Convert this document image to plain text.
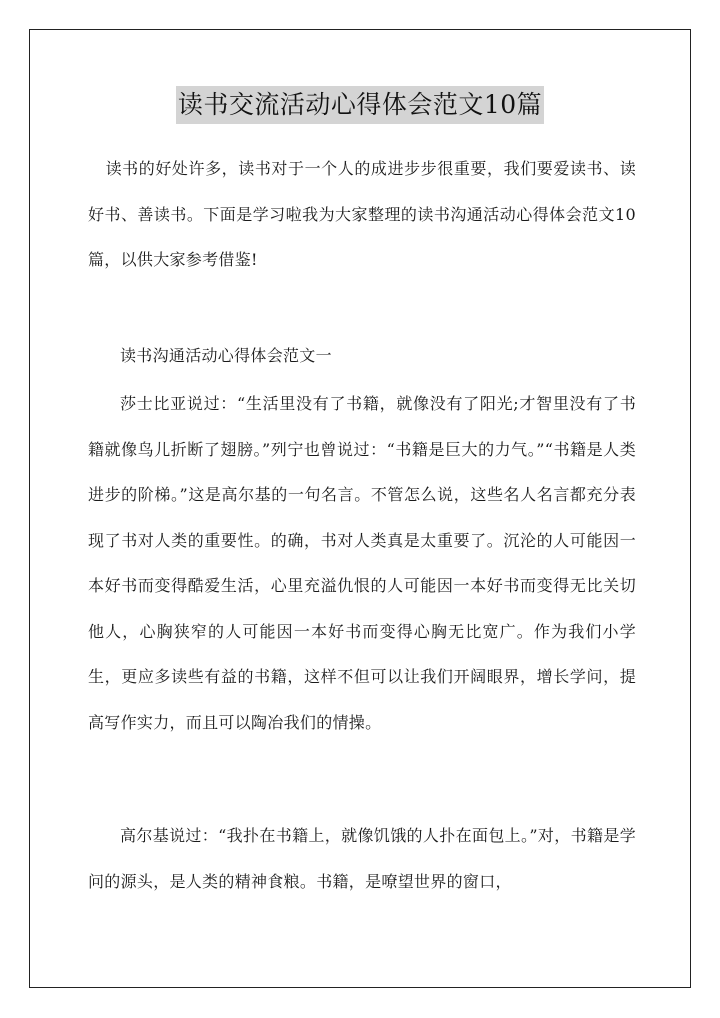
读书交流活动心得体会范文10篇

读书的好处许多，读书对于一个人的成进步步很重要，我们要爱读书、读好书、善读书。下面是学习啦我为大家整理的读书沟通活动心得体会范文10篇，以供大家参考借鉴!

读书沟通活动心得体会范文一

莎士比亚说过：“生活里没有了书籍，就像没有了阳光;才智里没有了书籍就像鸟儿折断了翅膀。”列宁也曾说过：“书籍是巨大的力气。”“书籍是人类进步的阶梯。”这是高尔基的一句名言。不管怎么说，这些名人名言都充分表现了书对人类的重要性。的确，书对人类真是太重要了。沉沦的人可能因一本好书而变得酷爱生活，心里充溢仇恨的人可能因一本好书而变得无比关切他人，心胸狭窄的人可能因一本好书而变得心胸无比宽广。作为我们小学生，更应多读些有益的书籍，这样不但可以让我们开阔眼界，增长学问，提高写作实力，而且可以陶冶我们的情操。

高尔基说过：“我扑在书籍上，就像饥饿的人扑在面包上。”对，书籍是学问的源头，是人类的精神食粮。书籍，是嘹望世界的窗口，
